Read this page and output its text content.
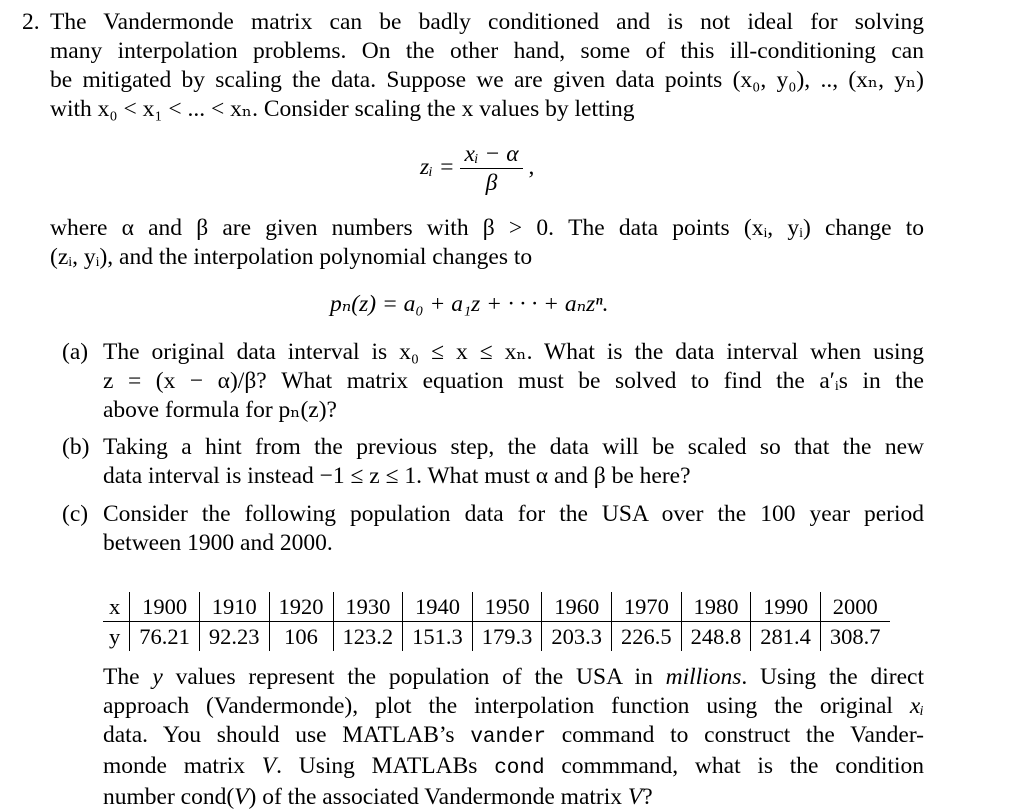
2. The Vandermonde matrix can be badly conditioned and is not ideal for solving
many interpolation problems. On the other hand, some of this ill-conditioning can
be mitigated by scaling the data. Suppose we are given data points (x₀, y₀), .., (xₙ, yₙ)
with x₀ < x₁ < ... < xₙ. Consider scaling the x values by letting
zᵢ = $\frac{\text{xᵢ − α}}{\beta}$ ,
where α and β are given numbers with β > 0. The data points (xᵢ, yᵢ) change to
(zᵢ, yᵢ), and the interpolation polynomial changes to
pₙ(z) = a₀ + a₁z + · · · + aₙzⁿ.
(a) The original data interval is x₀ ≤ x ≤ xₙ. What is the data interval when using
z = (x − α)/β? What matrix equation must be solved to find the a′ᵢs in the
above formula for pₙ(z)?
(b) Taking a hint from the previous step, the data will be scaled so that the new
data interval is instead −1 ≤ z ≤ 1. What must α and β be here?
(c) Consider the following population data for the USA over the 100 year period
between 1900 and 2000.
x	1900	1910	1920	1930	1940	1950	1960	1970	1980	1990	2000
y	76.21	92.23	106	123.2	151.3	179.3	203.3	226.5	248.8	281.4	308.7
The y values represent the population of the USA in millions. Using the direct
approach (Vandermonde), plot the interpolation function using the original xᵢ
data. You should use MATLAB’s vander command to construct the Vander-
monde matrix V. Using MATLABs cond commmand, what is the condition
number cond(V) of the associated Vandermonde matrix V?
